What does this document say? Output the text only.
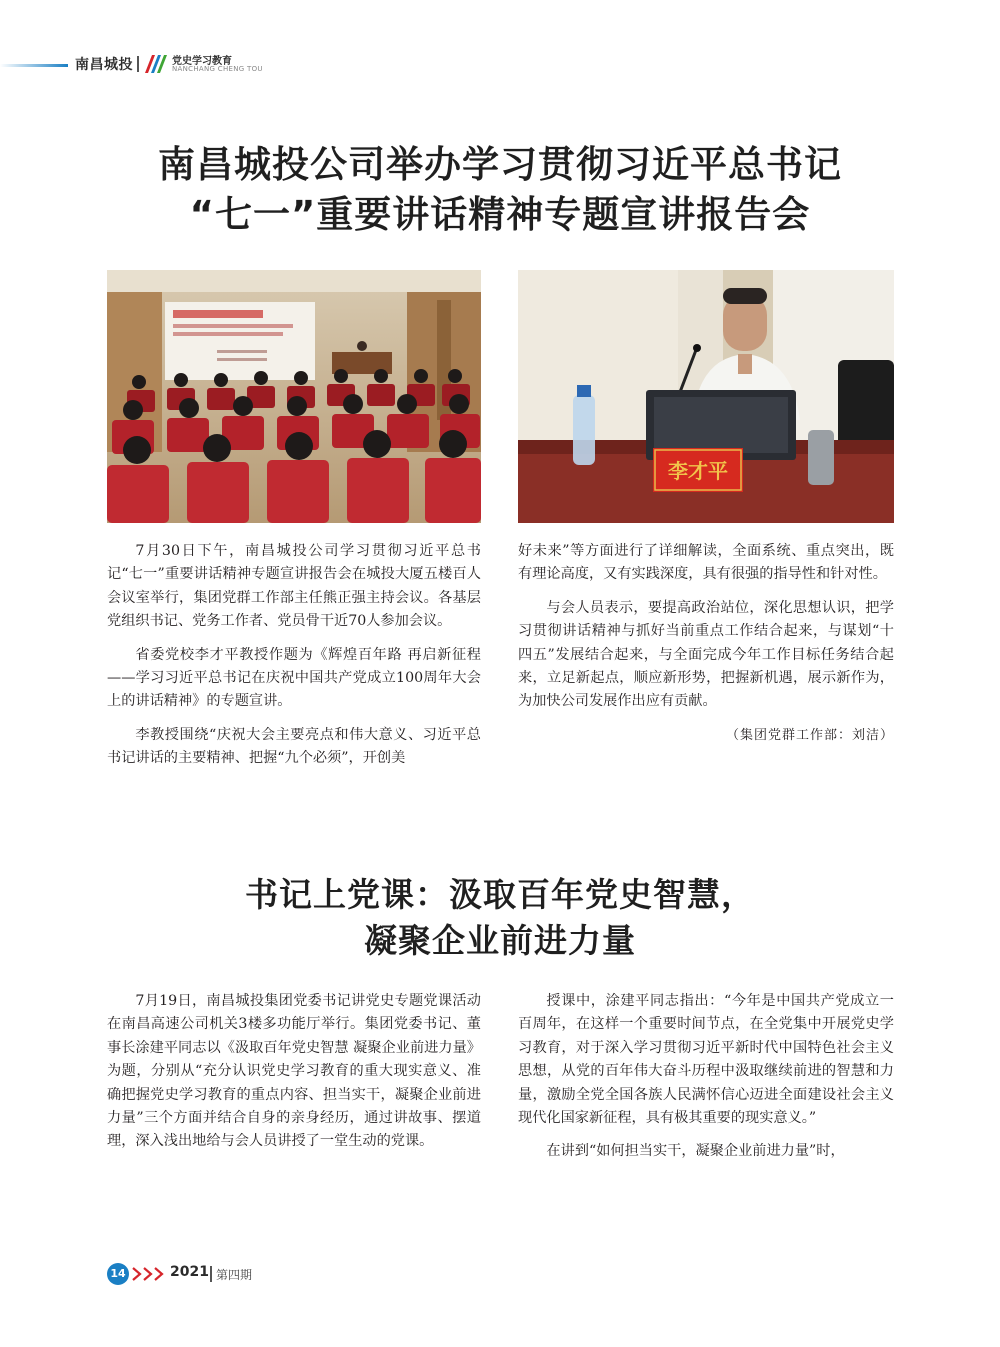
南昌城投	党史学习教育
NANCHANG CHENG TOU
南昌城投公司举办学习贯彻习近平总书记
“七一”重要讲话精神专题宣讲报告会
李才平

7月30日下午，南昌城投公司学习贯彻习近平总书记“七一”重要讲话精神专题宣讲报告会在城投大厦五楼百人会议室举行，集团党群工作部主任熊正强主持会议。各基层党组织书记、党务工作者、党员骨干近70人参加会议。

省委党校李才平教授作题为《辉煌百年路 再启新征程——学习习近平总书记在庆祝中国共产党成立100周年大会上的讲话精神》的专题宣讲。

李教授围绕“庆祝大会主要亮点和伟大意义、习近平总书记讲话的主要精神、把握“九个必须”，开创美

好未来”等方面进行了详细解读，全面系统、重点突出，既有理论高度，又有实践深度，具有很强的指导性和针对性。

与会人员表示，要提高政治站位，深化思想认识，把学习贯彻讲话精神与抓好当前重点工作结合起来，与谋划“十四五”发展结合起来，与全面完成今年工作目标任务结合起来，立足新起点，顺应新形势，把握新机遇，展示新作为，为加快公司发展作出应有贡献。

（集团党群工作部：刘洁）

书记上党课：汲取百年党史智慧，
凝聚企业前进力量

7月19日，南昌城投集团党委书记讲党史专题党课活动在南昌高速公司机关3楼多功能厅举行。集团党委书记、董事长涂建平同志以《汲取百年党史智慧 凝聚企业前进力量》为题，分别从“充分认识党史学习教育的重大现实意义、准确把握党史学习教育的重点内容、担当实干，凝聚企业前进力量”三个方面并结合自身的亲身经历，通过讲故事、摆道理，深入浅出地给与会人员讲授了一堂生动的党课。

授课中，涂建平同志指出：“今年是中国共产党成立一百周年，在这样一个重要时间节点，在全党集中开展党史学习教育，对于深入学习贯彻习近平新时代中国特色社会主义思想，从党的百年伟大奋斗历程中汲取继续前进的智慧和力量，激励全党全国各族人民满怀信心迈进全面建设社会主义现代化国家新征程，具有极其重要的现实意义。”

在讲到“如何担当实干，凝聚企业前进力量”时，

14	2021 第四期
